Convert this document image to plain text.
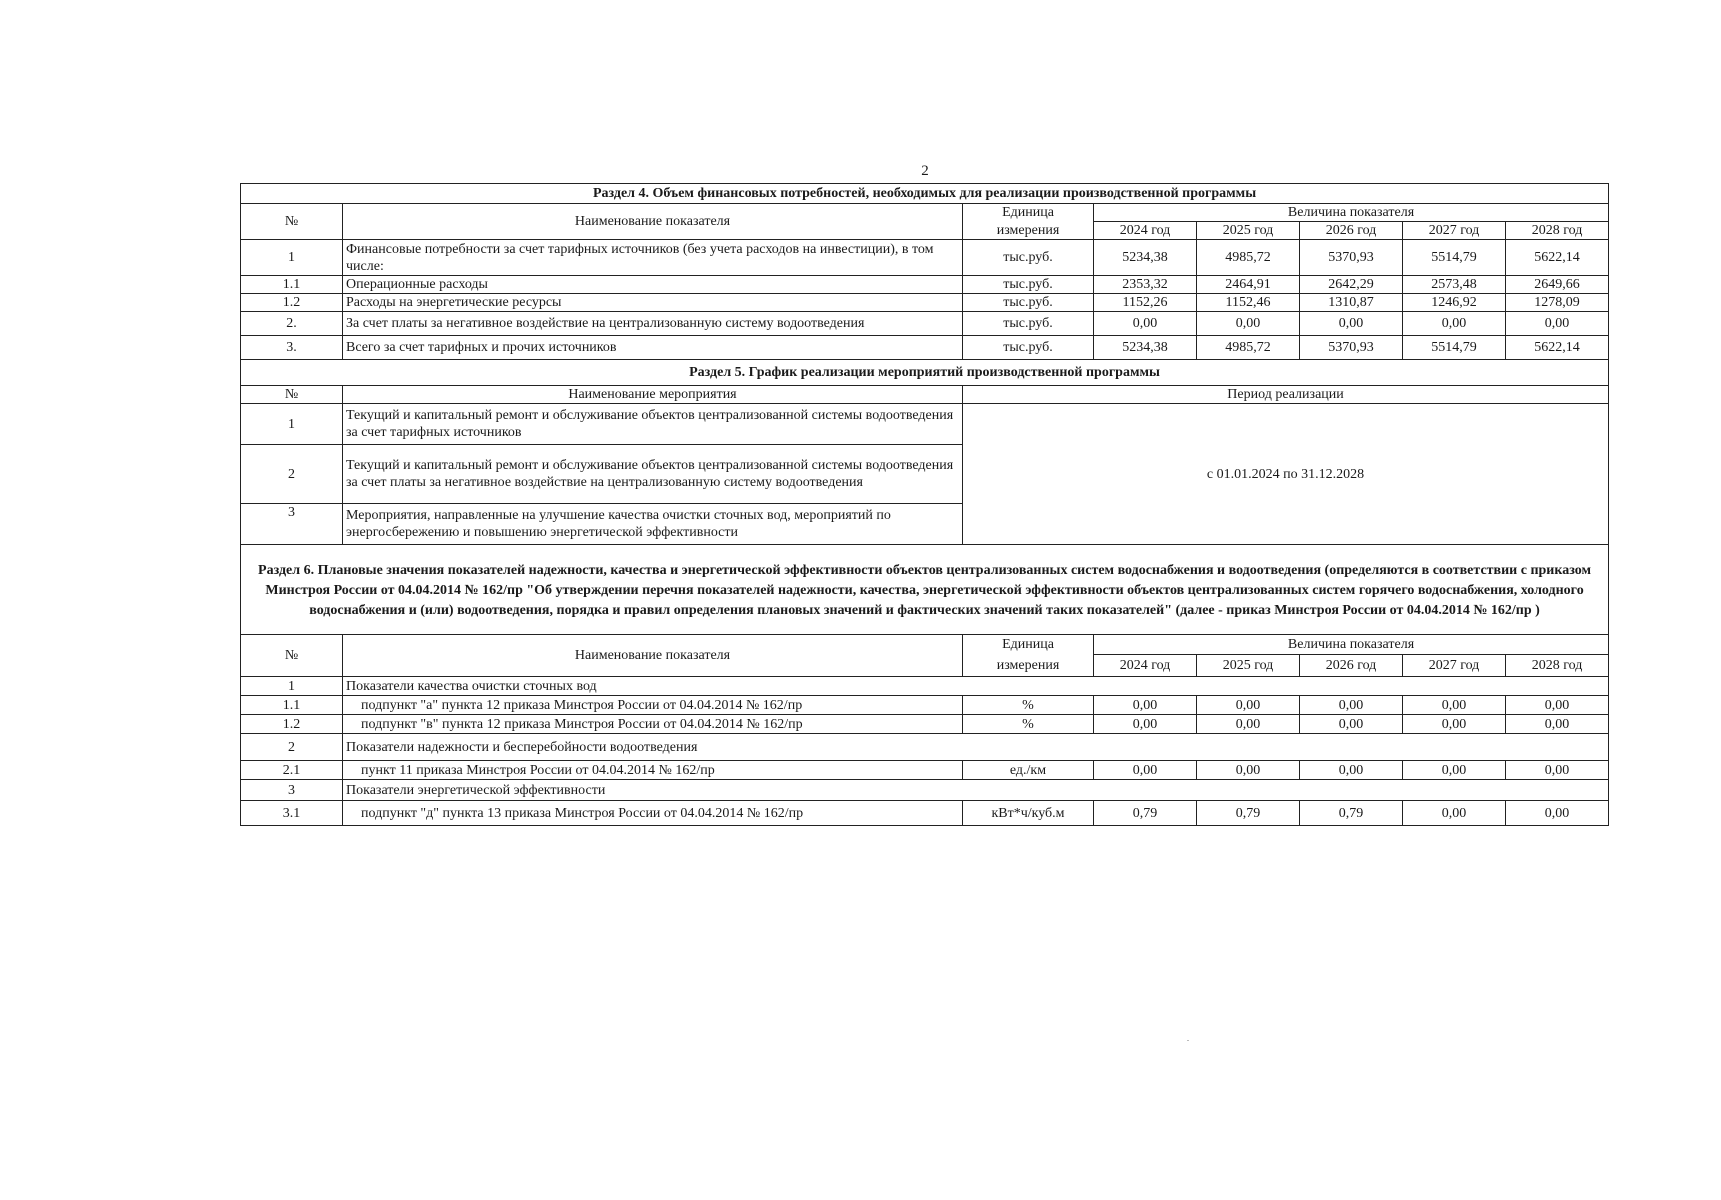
2
Раздел 4. Объем финансовых потребностей, необходимых для реализации производственной программы							
№	Наименование показателя	Единица	Величина показателя				
		измерения	2024 год	2025 год	2026 год	2027 год	2028 год
1	Финансовые потребности за счет тарифных источников (без учета расходов на инвестиции), в том числе:	тыс.руб.	5234,38	4985,72	5370,93	5514,79	5622,14
1.1	Операционные расходы	тыс.руб.	2353,32	2464,91	2642,29	2573,48	2649,66
1.2	Расходы на энергетические ресурсы	тыс.руб.	1152,26	1152,46	1310,87	1246,92	1278,09
2.	За счет платы за негативное воздействие на централизованную систему водоотведения	тыс.руб.	0,00	0,00	0,00	0,00	0,00
3.	Всего за счет тарифных и прочих источников	тыс.руб.	5234,38	4985,72	5370,93	5514,79	5622,14
Раздел 5. График реализации мероприятий производственной программы							
№	Наименование мероприятия	Период реализации					
1	Текущий и капитальный ремонт и обслуживание объектов централизованной системы водоотведения за счет тарифных источников	с 01.01.2024 по 31.12.2028					
2	Текущий и капитальный ремонт и обслуживание объектов централизованной системы водоотведения за счет платы за негативное воздействие на централизованную систему водоотведения						
3	Мероприятия, направленные на улучшение качества очистки сточных вод, мероприятий по энергосбережению и повышению энергетической эффективности						
Раздел 6. Плановые значения показателей надежности, качества и энергетической эффективности объектов централизованных систем водоснабжения и водоотведения (определяются в соответствии с приказом Минстроя России от 04.04.2014 № 162/пр "Об утверждении перечня показателей надежности, качества, энергетической эффективности объектов централизованных систем горячего водоснабжения, холодного водоснабжения и (или) водоотведения, порядка и правил определения плановых значений и фактических значений таких показателей" (далее - приказ Минстроя России от 04.04.2014 № 162/пр )							
№	Наименование показателя	Единица	Величина показателя				
		измерения	2024 год	2025 год	2026 год	2027 год	2028 год
1	Показатели качества очистки сточных вод						
1.1	подпункт "а" пункта 12 приказа Минстроя России от 04.04.2014 № 162/пр	%	0,00	0,00	0,00	0,00	0,00
1.2	подпункт "в" пункта 12 приказа Минстроя России от 04.04.2014 № 162/пр	%	0,00	0,00	0,00	0,00	0,00
2	Показатели надежности и бесперебойности водоотведения						
2.1	пункт 11 приказа Минстроя России от 04.04.2014 № 162/пр	ед./км	0,00	0,00	0,00	0,00	0,00
3	Показатели энергетической эффективности						
3.1	подпункт "д" пункта 13 приказа Минстроя России от 04.04.2014 № 162/пр	кВт*ч/куб.м	0,79	0,79	0,79	0,00	0,00
